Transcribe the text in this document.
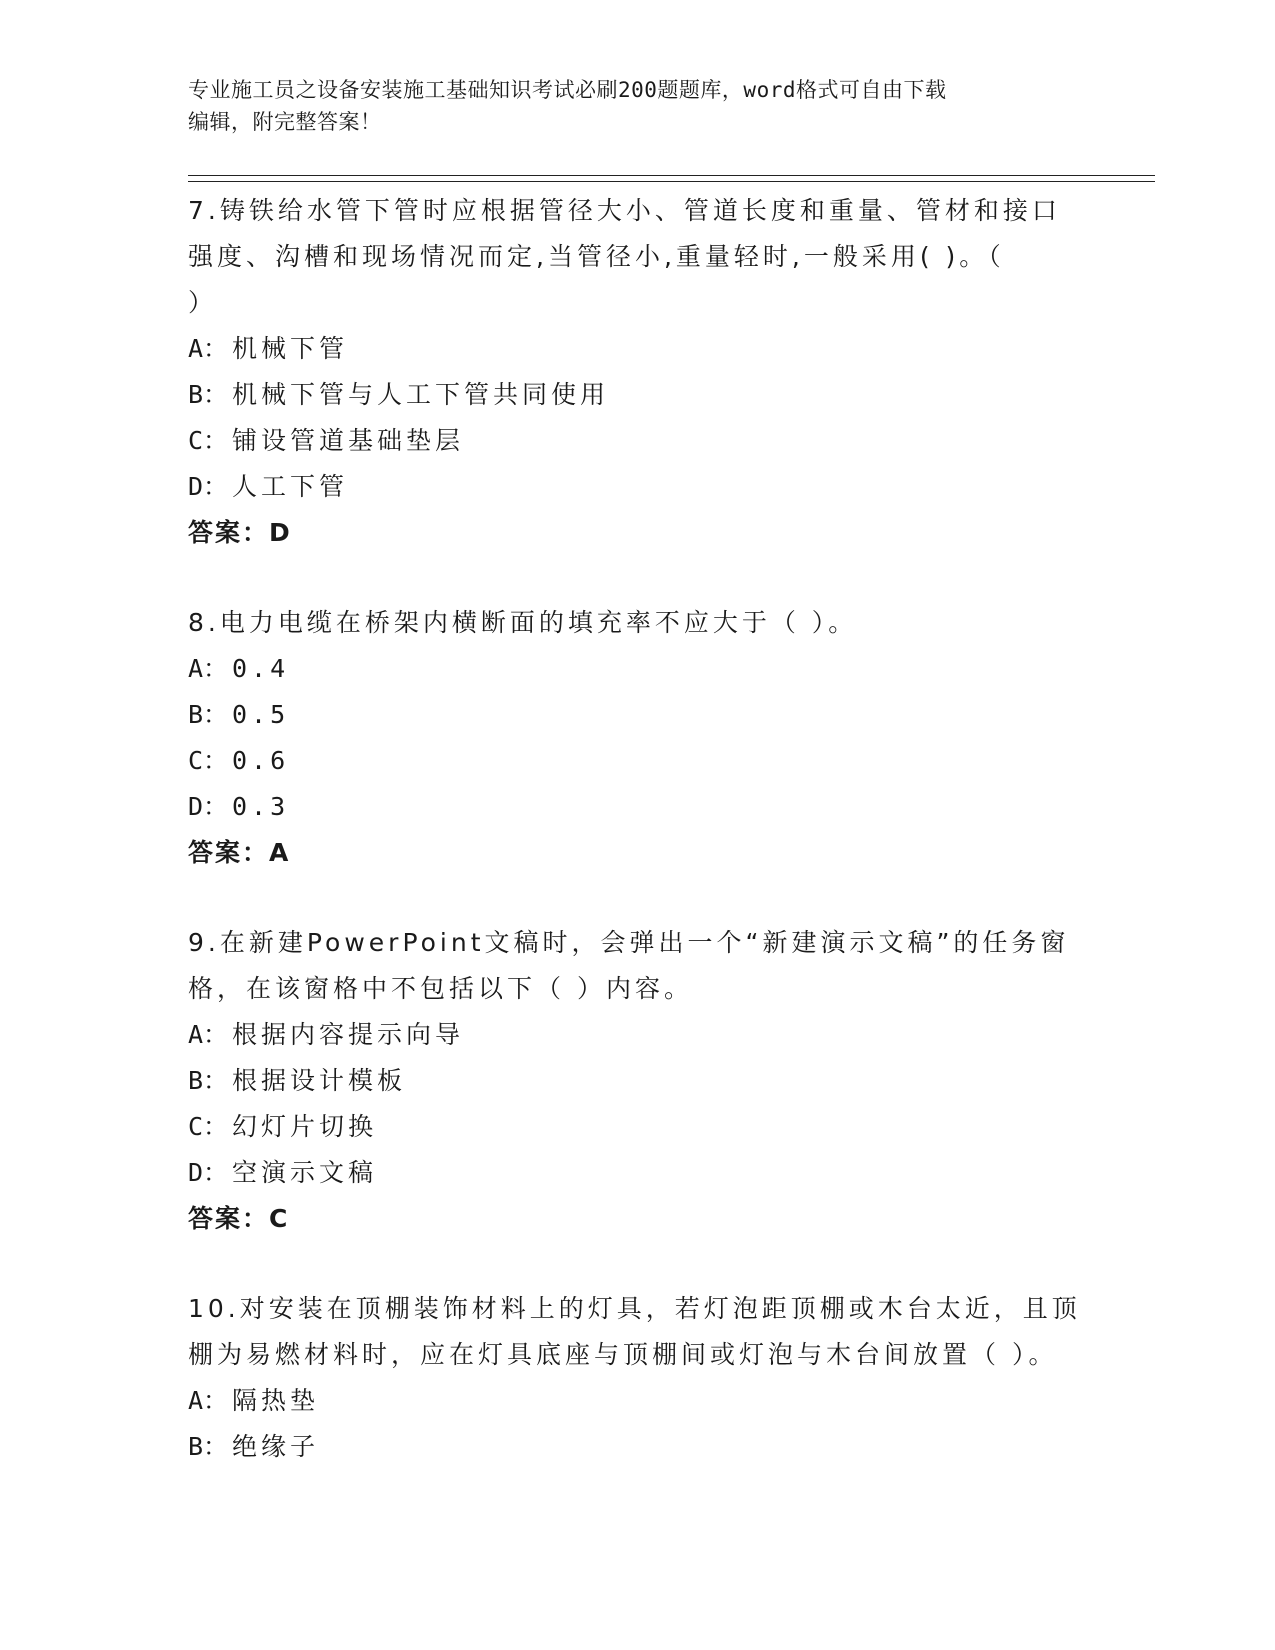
专业施工员之设备安装施工基础知识考试必刷200题题库，word格式可自由下载
编辑，附完整答案！
7.铸铁给水管下管时应根据管径大小、管道长度和重量、管材和接口
强度、沟槽和现场情况而定,当管径小,重量轻时,一般采用( )。（
）
A： 机械下管
B： 机械下管与人工下管共同使用
C： 铺设管道基础垫层
D： 人工下管
答案：D
8.电力电缆在桥架内横断面的填充率不应大于（ ）。
A： 0.4
B： 0.5
C： 0.6
D： 0.3
答案：A
9.在新建PowerPoint文稿时，会弹出一个“新建演示文稿”的任务窗
格，在该窗格中不包括以下（ ）内容。
A： 根据内容提示向导
B： 根据设计模板
C： 幻灯片切换
D： 空演示文稿
答案：C
10.对安装在顶棚装饰材料上的灯具，若灯泡距顶棚或木台太近，且顶
棚为易燃材料时，应在灯具底座与顶棚间或灯泡与木台间放置（ ）。
A： 隔热垫
B： 绝缘子
